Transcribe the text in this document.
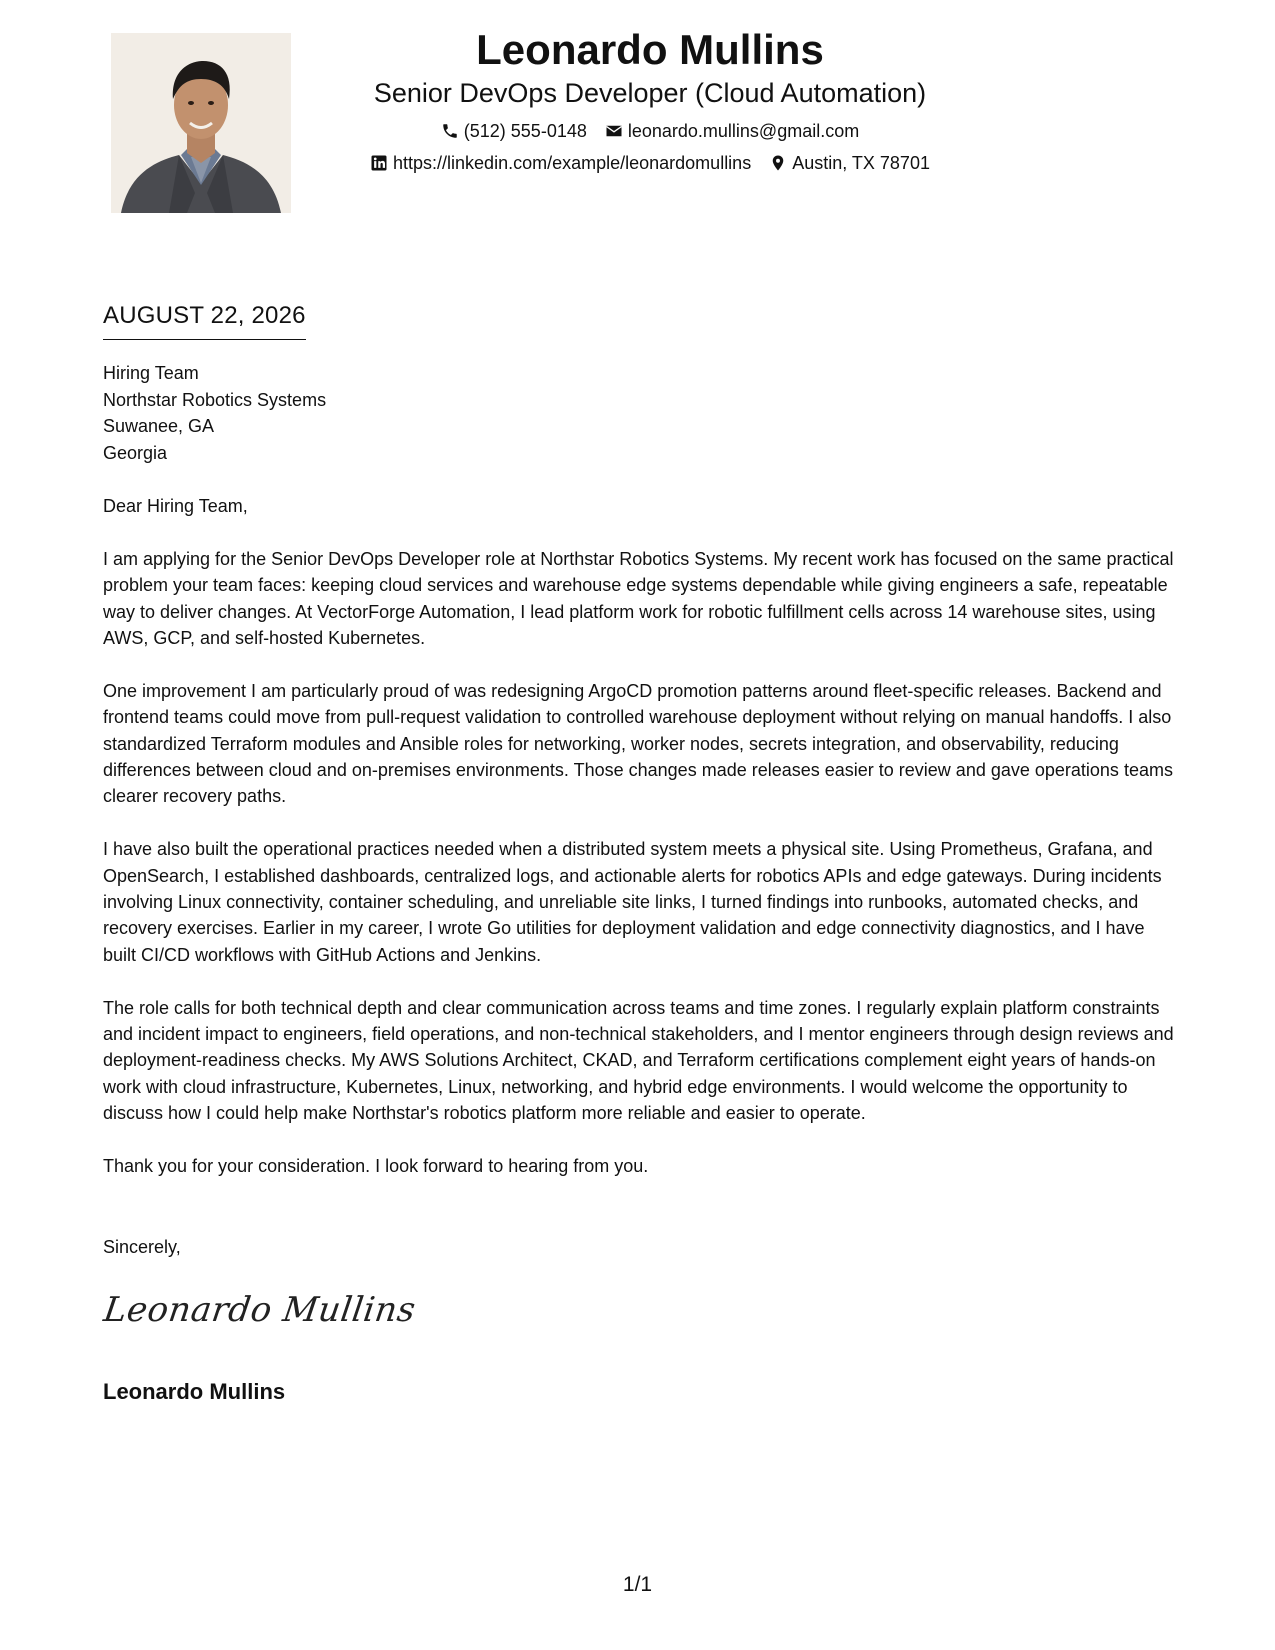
Leonardo Mullins
Senior DevOps Developer (Cloud Automation)
(512) 555-0148 leonardo.mullins@gmail.com
https://linkedin.com/example/leonardomullins Austin, TX 78701
AUGUST 22, 2026
Hiring Team
Northstar Robotics Systems
Suwanee, GA
Georgia

Dear Hiring Team,

I am applying for the Senior DevOps Developer role at Northstar Robotics Systems. My recent work has focused on the same practical problem your team faces: keeping cloud services and warehouse edge systems dependable while giving engineers a safe, repeatable way to deliver changes. At VectorForge Automation, I lead platform work for robotic fulfillment cells across 14 warehouse sites, using AWS, GCP, and self-hosted Kubernetes.

One improvement I am particularly proud of was redesigning ArgoCD promotion patterns around fleet-specific releases. Backend and frontend teams could move from pull-request validation to controlled warehouse deployment without relying on manual handoffs. I also standardized Terraform modules and Ansible roles for networking, worker nodes, secrets integration, and observability, reducing differences between cloud and on-premises environments. Those changes made releases easier to review and gave operations teams clearer recovery paths.

I have also built the operational practices needed when a distributed system meets a physical site. Using Prometheus, Grafana, and OpenSearch, I established dashboards, centralized logs, and actionable alerts for robotics APIs and edge gateways. During incidents involving Linux connectivity, container scheduling, and unreliable site links, I turned findings into runbooks, automated checks, and recovery exercises. Earlier in my career, I wrote Go utilities for deployment validation and edge connectivity diagnostics, and I have built CI/CD workflows with GitHub Actions and Jenkins.

The role calls for both technical depth and clear communication across teams and time zones. I regularly explain platform constraints and incident impact to engineers, field operations, and non-technical stakeholders, and I mentor engineers through design reviews and deployment-readiness checks. My AWS Solutions Architect, CKAD, and Terraform certifications complement eight years of hands-on work with cloud infrastructure, Kubernetes, Linux, networking, and hybrid edge environments. I would welcome the opportunity to discuss how I could help make Northstar's robotics platform more reliable and easier to operate.

Thank you for your consideration. I look forward to hearing from you.

Sincerely,
Leonardo Mullins
Leonardo Mullins
1/1
